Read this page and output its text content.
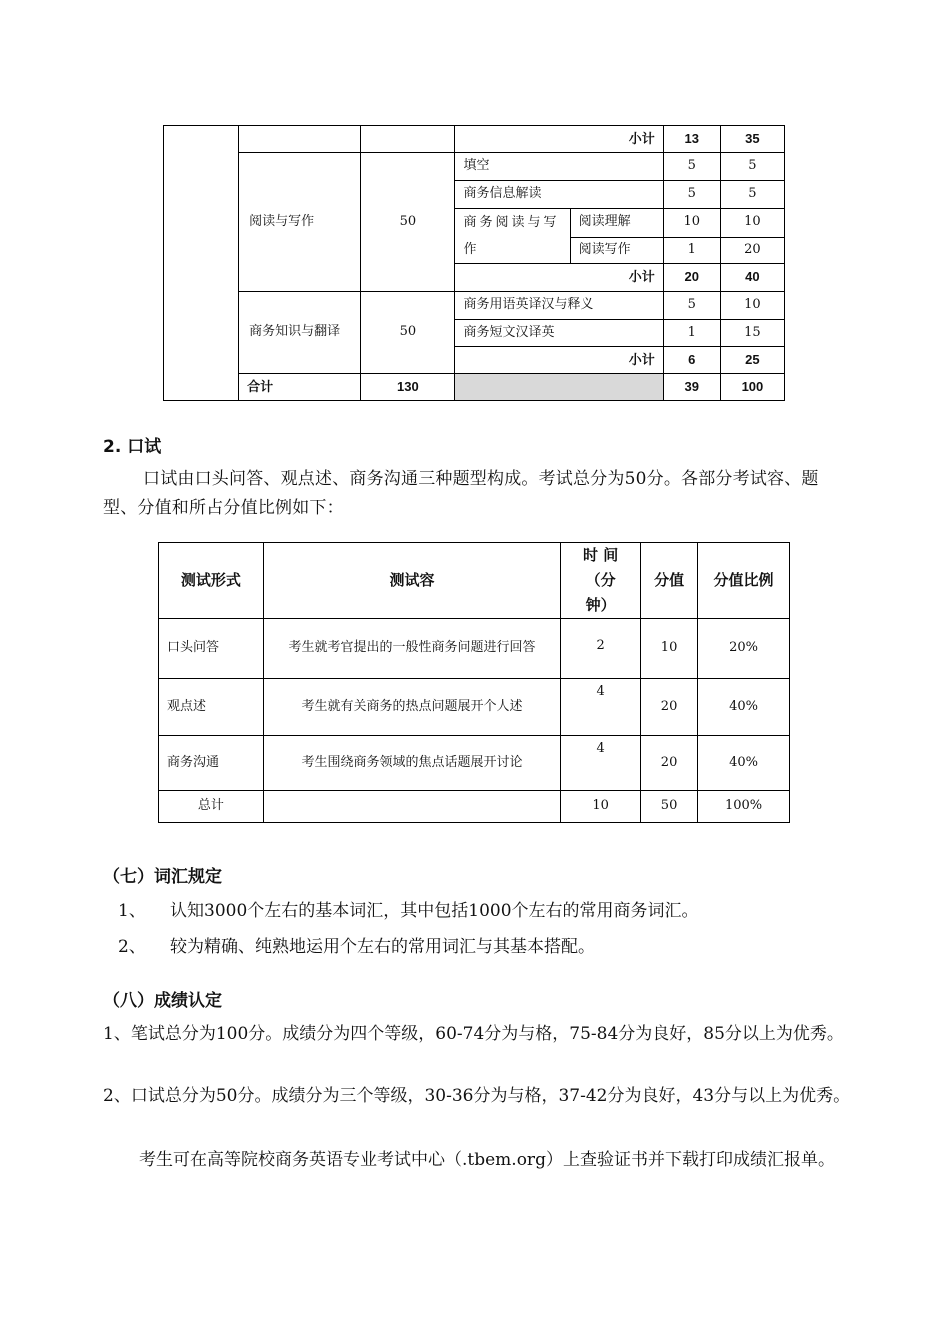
			小计		13	35
	阅读与写作	50	填空		5	5
			商务信息解读		5	5
			商务阅读与写作	阅读理解	10	10
				阅读写作	1	20
			小计		20	40
	商务知识与翻译	50	商务用语英译汉与释义		5	10
			商务短文汉译英		1	15
			小计		6	25
	合计	130			39	100
2. 口试
口试由口头问答、观点述、商务沟通三种题型构成。考试总分为50分。各部分考试容、题型、分值和所占分值比例如下：
测试形式	测试容	时 间 （分 钟）	分值	分值比例
口头问答	考生就考官提出的一般性商务问题进行回答	2	10	20%
观点述	考生就有关商务的热点问题展开个人述	4	20	40%
商务沟通	考生围绕商务领域的焦点话题展开讨论	4	20	40%
总计		10	50	100%
（七）词汇规定
1、 认知3000个左右的基本词汇，其中包括1000个左右的常用商务词汇。
2、 较为精确、纯熟地运用个左右的常用词汇与其基本搭配。
（八）成绩认定
1、笔试总分为100分。成绩分为四个等级，60-74分为与格，75-84分为良好，85分以上为优秀。
2、口试总分为50分。成绩分为三个等级，30-36分为与格，37-42分为良好，43分与以上为优秀。
考生可在高等院校商务英语专业考试中心（.tbem.org）上查验证书并下载打印成绩汇报单。
